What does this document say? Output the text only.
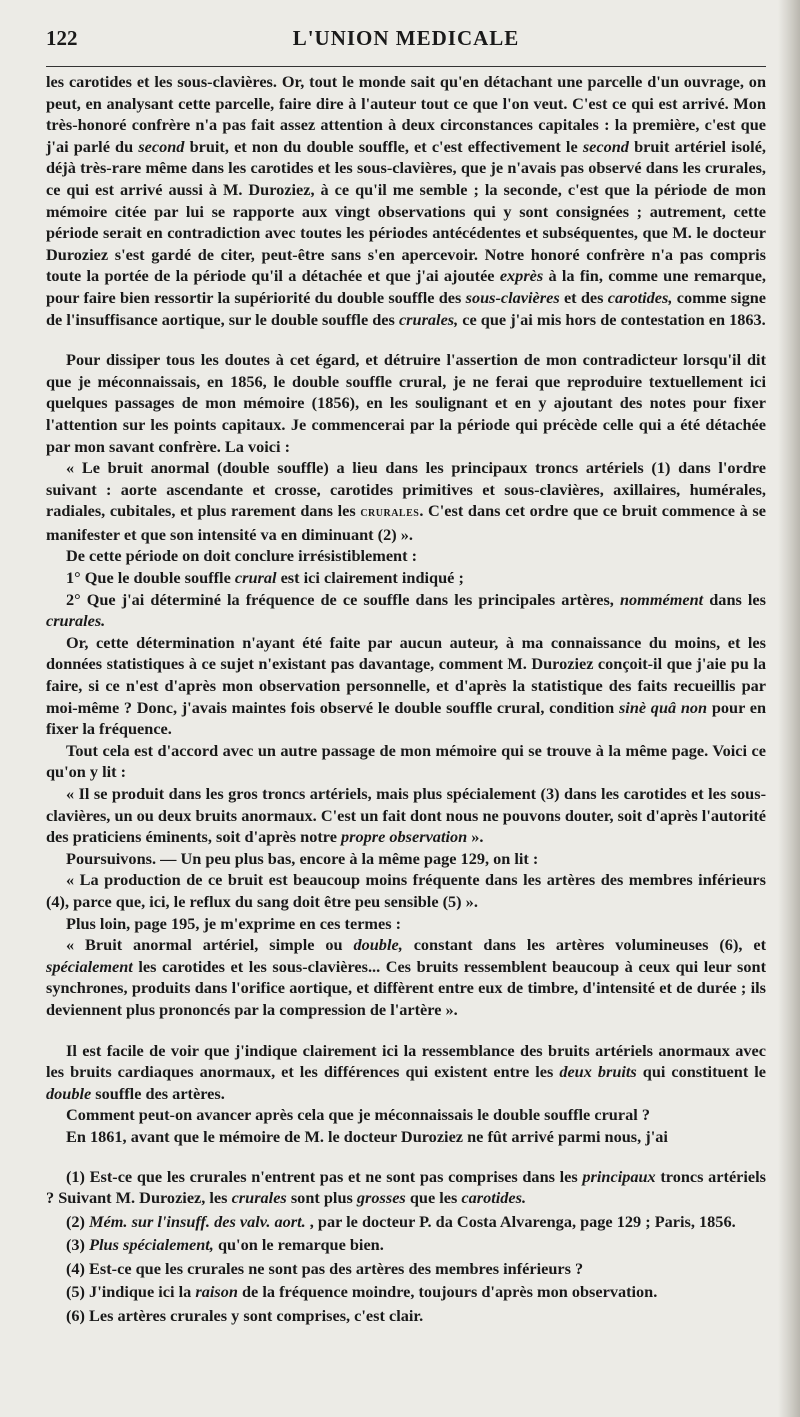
122	L'UNION MEDICALE

les carotides et les sous-clavières. Or, tout le monde sait qu'en détachant une parcelle d'un ouvrage, on peut, en analysant cette parcelle, faire dire à l'auteur tout ce que l'on veut. C'est ce qui est arrivé. Mon très-honoré confrère n'a pas fait assez attention à deux circonstances capitales : la première, c'est que j'ai parlé du second bruit, et non du double souffle, et c'est effectivement le second bruit artériel isolé, déjà très-rare même dans les carotides et les sous-clavières, que je n'avais pas observé dans les crurales, ce qui est arrivé aussi à M. Duroziez, à ce qu'il me semble ; la seconde, c'est que la période de mon mémoire citée par lui se rapporte aux vingt observations qui y sont consignées ; autrement, cette période serait en contradiction avec toutes les périodes antécédentes et subséquentes, que M. le docteur Duroziez s'est gardé de citer, peut-être sans s'en apercevoir. Notre honoré confrère n'a pas compris toute la portée de la période qu'il a détachée et que j'ai ajoutée exprès à la fin, comme une remarque, pour faire bien ressortir la supériorité du double souffle des sous-clavières et des carotides, comme signe de l'insuffisance aortique, sur le double souffle des crurales, ce que j'ai mis hors de contestation en 1863.

Pour dissiper tous les doutes à cet égard, et détruire l'assertion de mon contradicteur lorsqu'il dit que je méconnaissais, en 1856, le double souffle crural, je ne ferai que reproduire textuellement ici quelques passages de mon mémoire (1856), en les soulignant et en y ajoutant des notes pour fixer l'attention sur les points capitaux. Je commencerai par la période qui précède celle qui a été détachée par mon savant confrère. La voici :

« Le bruit anormal (double souffle) a lieu dans les principaux troncs artériels (1) dans l'ordre suivant : aorte ascendante et crosse, carotides primitives et sous-clavières, axillaires, humérales, radiales, cubitales, et plus rarement dans les crurales. C'est dans cet ordre que ce bruit commence à se manifester et que son intensité va en diminuant (2) ».

De cette période on doit conclure irrésistiblement :

1° Que le double souffle crural est ici clairement indiqué ;

2° Que j'ai déterminé la fréquence de ce souffle dans les principales artères, nommément dans les crurales.

Or, cette détermination n'ayant été faite par aucun auteur, à ma connaissance du moins, et les données statistiques à ce sujet n'existant pas davantage, comment M. Duroziez conçoit-il que j'aie pu la faire, si ce n'est d'après mon observation personnelle, et d'après la statistique des faits recueillis par moi-même ? Donc, j'avais maintes fois observé le double souffle crural, condition sinè quâ non pour en fixer la fréquence.

Tout cela est d'accord avec un autre passage de mon mémoire qui se trouve à la même page. Voici ce qu'on y lit :

« Il se produit dans les gros troncs artériels, mais plus spécialement (3) dans les carotides et les sous-clavières, un ou deux bruits anormaux. C'est un fait dont nous ne pouvons douter, soit d'après l'autorité des praticiens éminents, soit d'après notre propre observation ».

Poursuivons. — Un peu plus bas, encore à la même page 129, on lit :

« La production de ce bruit est beaucoup moins fréquente dans les artères des membres inférieurs (4), parce que, ici, le reflux du sang doit être peu sensible (5) ».

Plus loin, page 195, je m'exprime en ces termes :

« Bruit anormal artériel, simple ou double, constant dans les artères volumineuses (6), et spécialement les carotides et les sous-clavières... Ces bruits ressemblent beaucoup à ceux qui leur sont synchrones, produits dans l'orifice aortique, et diffèrent entre eux de timbre, d'intensité et de durée ; ils deviennent plus prononcés par la compression de l'artère ».

Il est facile de voir que j'indique clairement ici la ressemblance des bruits artériels anormaux avec les bruits cardiaques anormaux, et les différences qui existent entre les deux bruits qui constituent le double souffle des artères.

Comment peut-on avancer après cela que je méconnaissais le double souffle crural ?

En 1861, avant que le mémoire de M. le docteur Duroziez ne fût arrivé parmi nous, j'ai

(1) Est-ce que les crurales n'entrent pas et ne sont pas comprises dans les principaux troncs artériels ? Suivant M. Duroziez, les crurales sont plus grosses que les carotides.

(2) Mém. sur l'insuff. des valv. aort. , par le docteur P. da Costa Alvarenga, page 129 ; Paris, 1856.

(3) Plus spécialement, qu'on le remarque bien.

(4) Est-ce que les crurales ne sont pas des artères des membres inférieurs ?

(5) J'indique ici la raison de la fréquence moindre, toujours d'après mon observation.

(6) Les artères crurales y sont comprises, c'est clair.
